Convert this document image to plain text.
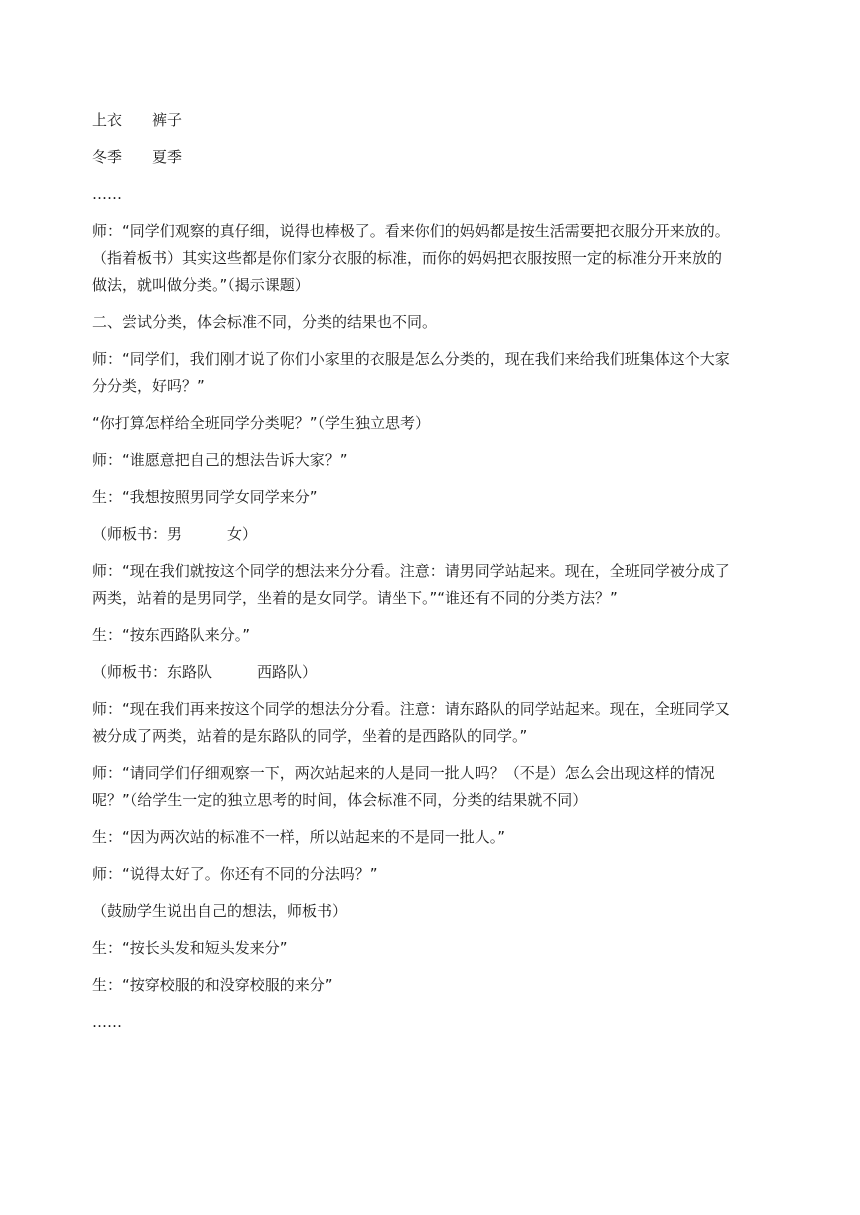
上衣　　裤子

冬季　　夏季

……

师：“同学们观察的真仔细，说得也棒极了。看来你们的妈妈都是按生活需要把衣服分开来放的。（指着板书）其实这些都是你们家分衣服的标准，而你的妈妈把衣服按照一定的标准分开来放的做法，就叫做分类。”（揭示课题）

二、尝试分类，体会标准不同，分类的结果也不同。

师：“同学们，我们刚才说了你们小家里的衣服是怎么分类的，现在我们来给我们班集体这个大家分分类，好吗？”

“你打算怎样给全班同学分类呢？”（学生独立思考）

师：“谁愿意把自己的想法告诉大家？”

生：“我想按照男同学女同学来分”

（师板书：男　　　女）

师：“现在我们就按这个同学的想法来分分看。注意：请男同学站起来。现在，全班同学被分成了两类，站着的是男同学，坐着的是女同学。请坐下。”“谁还有不同的分类方法？”

生：“按东西路队来分。”

（师板书：东路队　　　西路队）

师：“现在我们再来按这个同学的想法分分看。注意：请东路队的同学站起来。现在，全班同学又被分成了两类，站着的是东路队的同学，坐着的是西路队的同学。”

师：“请同学们仔细观察一下，两次站起来的人是同一批人吗？（不是）怎么会出现这样的情况呢？”（给学生一定的独立思考的时间，体会标准不同，分类的结果就不同）

生：“因为两次站的标准不一样，所以站起来的不是同一批人。”

师：“说得太好了。你还有不同的分法吗？”

（鼓励学生说出自己的想法，师板书）

生：“按长头发和短头发来分”

生：“按穿校服的和没穿校服的来分”

……
